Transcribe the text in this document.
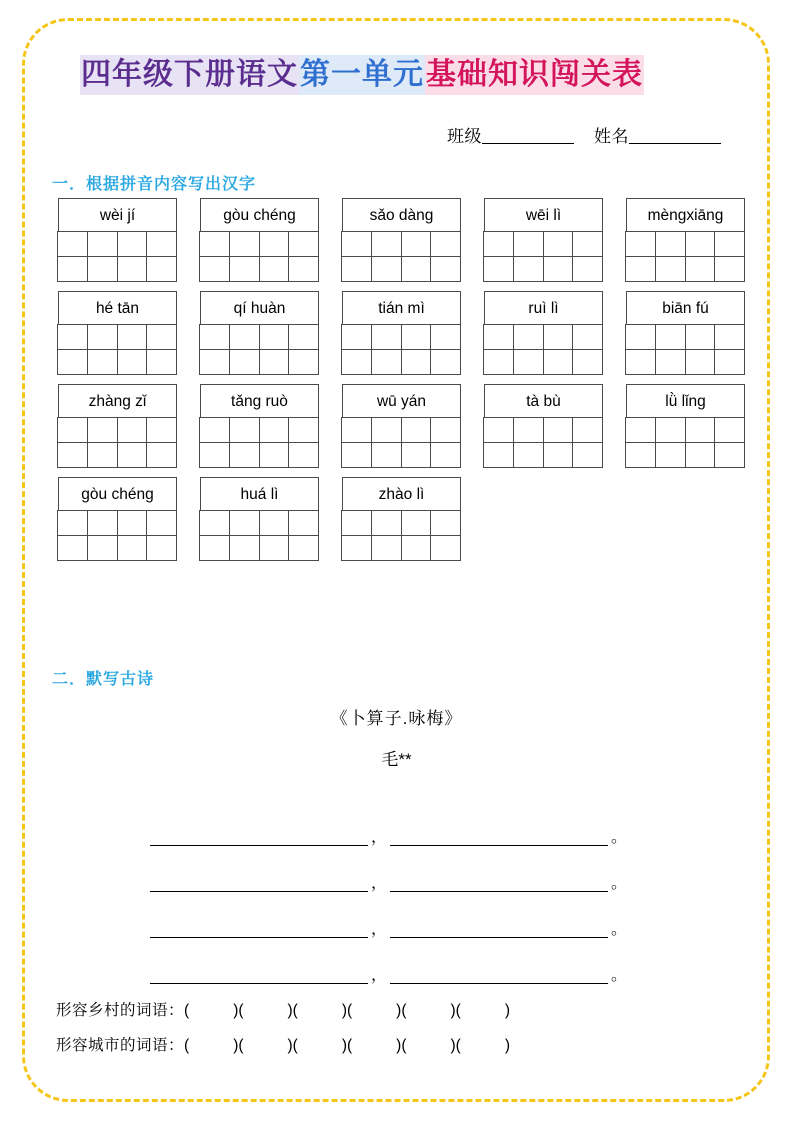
四年级下册语文 第一单元 基础知识闯关表
班级	姓名
一．根据拼音内容写出汉字
wèi jí	gòu chéng	sǎo dàng	wēi lì	mèngxiāng
hé tān	qí huàn	tián mì	ruì lì	biān fú
zhàng zǐ	tǎng ruò	wū yán	tà bù	lǜ lǐng
gòu chéng	huá lì	zhào lì
二．默写古诗
《卜算子.咏梅》
毛**
，	。
，	。
，	。
，	。
形容乡村的词语：(	)(	)(	)(	)(	)(	)
形容城市的词语：(	)(	)(	)(	)(	)(	)
